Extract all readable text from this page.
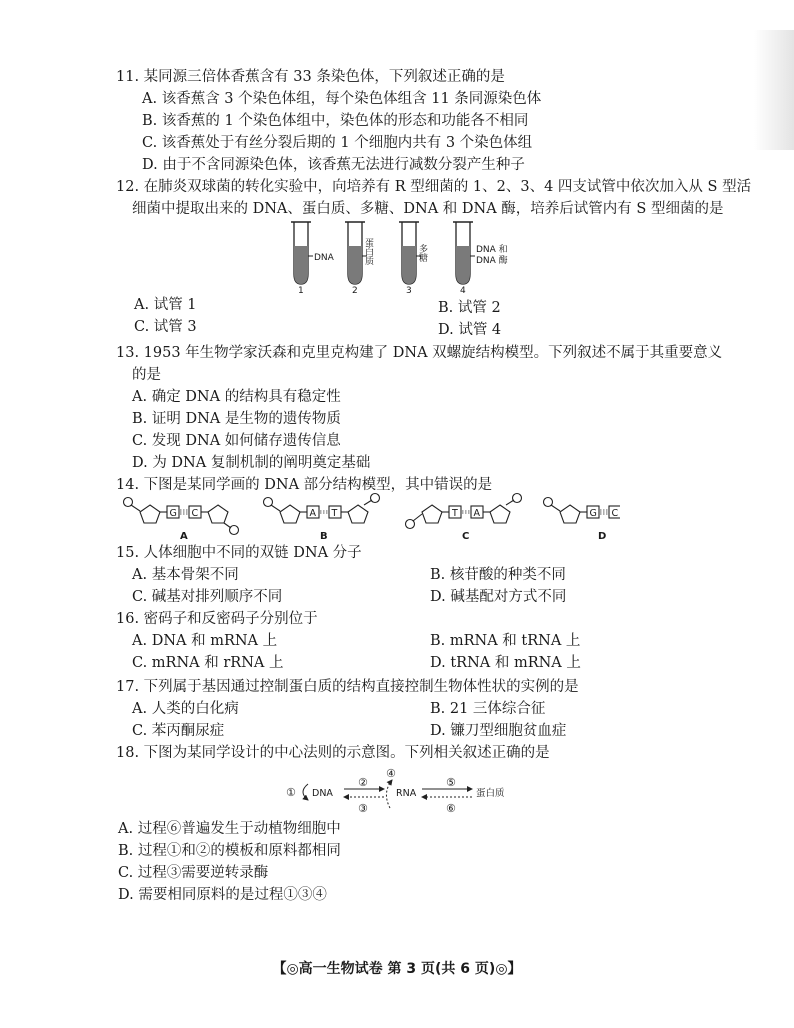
11. 某同源三倍体香蕉含有 33 条染色体，下列叙述正确的是
A. 该香蕉含 3 个染色体组，每个染色体组含 11 条同源染色体
B. 该香蕉的 1 个染色体组中，染色体的形态和功能各不相同
C. 该香蕉处于有丝分裂后期的 1 个细胞内共有 3 个染色体组
D. 由于不含同源染色体，该香蕉无法进行减数分裂产生种子
12. 在肺炎双球菌的转化实验中，向培养有 R 型细菌的 1、2、3、4 四支试管中依次加入从 S 型活
细菌中提取出来的 DNA、蛋白质、多糖、DNA 和 DNA 酶，培养后试管内有 S 型细菌的是
DNA
1
蛋白质
2
多糖
3
DNA 和
DNA 酶
4
A. 试管 1	B. 试管 2
C. 试管 3	D. 试管 4
13. 1953 年生物学家沃森和克里克构建了 DNA 双螺旋结构模型。下列叙述不属于其重要意义
的是
A. 确定 DNA 的结构具有稳定性
B. 证明 DNA 是生物的遗传物质
C. 发现 DNA 如何储存遗传信息
D. 为 DNA 复制机制的阐明奠定基础
14. 下图是某同学画的 DNA 部分结构模型，其中错误的是
G C
A
A T
B
T A
C
G C
D
15. 人体细胞中不同的双链 DNA 分子
A. 基本骨架不同	B. 核苷酸的种类不同
C. 碱基对排列顺序不同	D. 碱基配对方式不同
16. 密码子和反密码子分别位于
A. DNA 和 mRNA 上	B. mRNA 和 tRNA 上
C. mRNA 和 rRNA 上	D. tRNA 和 mRNA 上
17. 下列属于基因通过控制蛋白质的结构直接控制生物体性状的实例的是
A. 人类的白化病	B. 21 三体综合征
C. 苯丙酮尿症	D. 镰刀型细胞贫血症
18. 下图为某同学设计的中心法则的示意图。下列相关叙述正确的是
① DNA
②
③
④
RNA
⑤
⑥
蛋白质
A. 过程⑥普遍发生于动植物细胞中
B. 过程①和②的模板和原料都相同
C. 过程③需要逆转录酶
D. 需要相同原料的是过程①③④
【◎高一生物试卷 第 3 页(共 6 页)◎】
